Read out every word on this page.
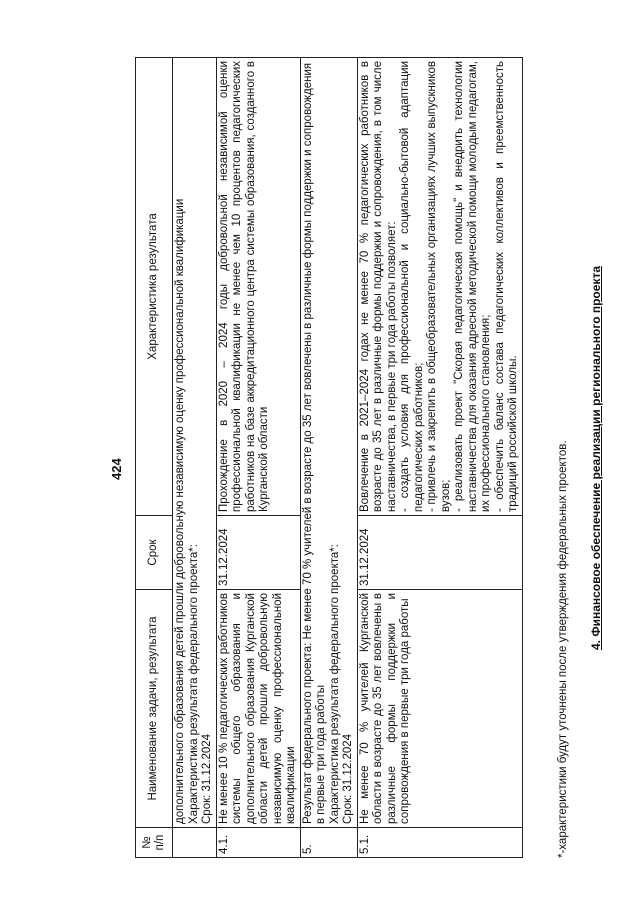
424
№ п/п	Наименование задачи, результата	Срок	Характеристика результата

	дополнительного образования детей прошли добровольную независимую оценку профессиональной квалификации Характеристика результата федерального проекта*: Срок: 31.12.2024		

4.1.	Не менее 10 % педагогических работников системы общего образования и дополнительного образования Курганской области детей прошли добровольную независимую оценку профессиональной квалификации	31.12.2024	Прохождение в 2020 – 2024 годы добровольной независимой оценки профессиональной квалификации не менее чем 10 процентов педагогических работников на базе аккредитационного центра системы образования, созданного в Курганской области
5.	Результат федерального проекта: Не менее 70 % учителей в возрасте до 35 лет вовлечены в различные формы поддержки и сопровождения в первые три года работы Характеристика результата федерального проекта*: Срок: 31.12.2024		

5.1.	Не менее 70 % учителей Курганской области в возрасте до 35 лет вовлечены в различные формы поддержки и сопровождения в первые три года работы	31.12.2024	Вовлечение в 2021–2024 годах не менее 70 % педагогических работников в возрасте до 35 лет в различные формы поддержки и сопровождения, в том числе наставничества, в первые три года работы позволяет: - создать условия для профессиональной и социально-бытовой адаптации педагогических работников; - привлечь и закрепить в общеобразовательных организациях лучших выпускников вузов; - реализовать проект "Скорая педагогическая помощь" и внедрить технологии наставничества для оказания адресной методической помощи молодым педагогам, их профессионального становления; - обеспечить баланс состава педагогических коллективов и преемственность традиций российской школы.
*-характеристики будут уточнены после утверждения федеральных проектов. 4. Финансовое обеспечение реализации регионального проекта
